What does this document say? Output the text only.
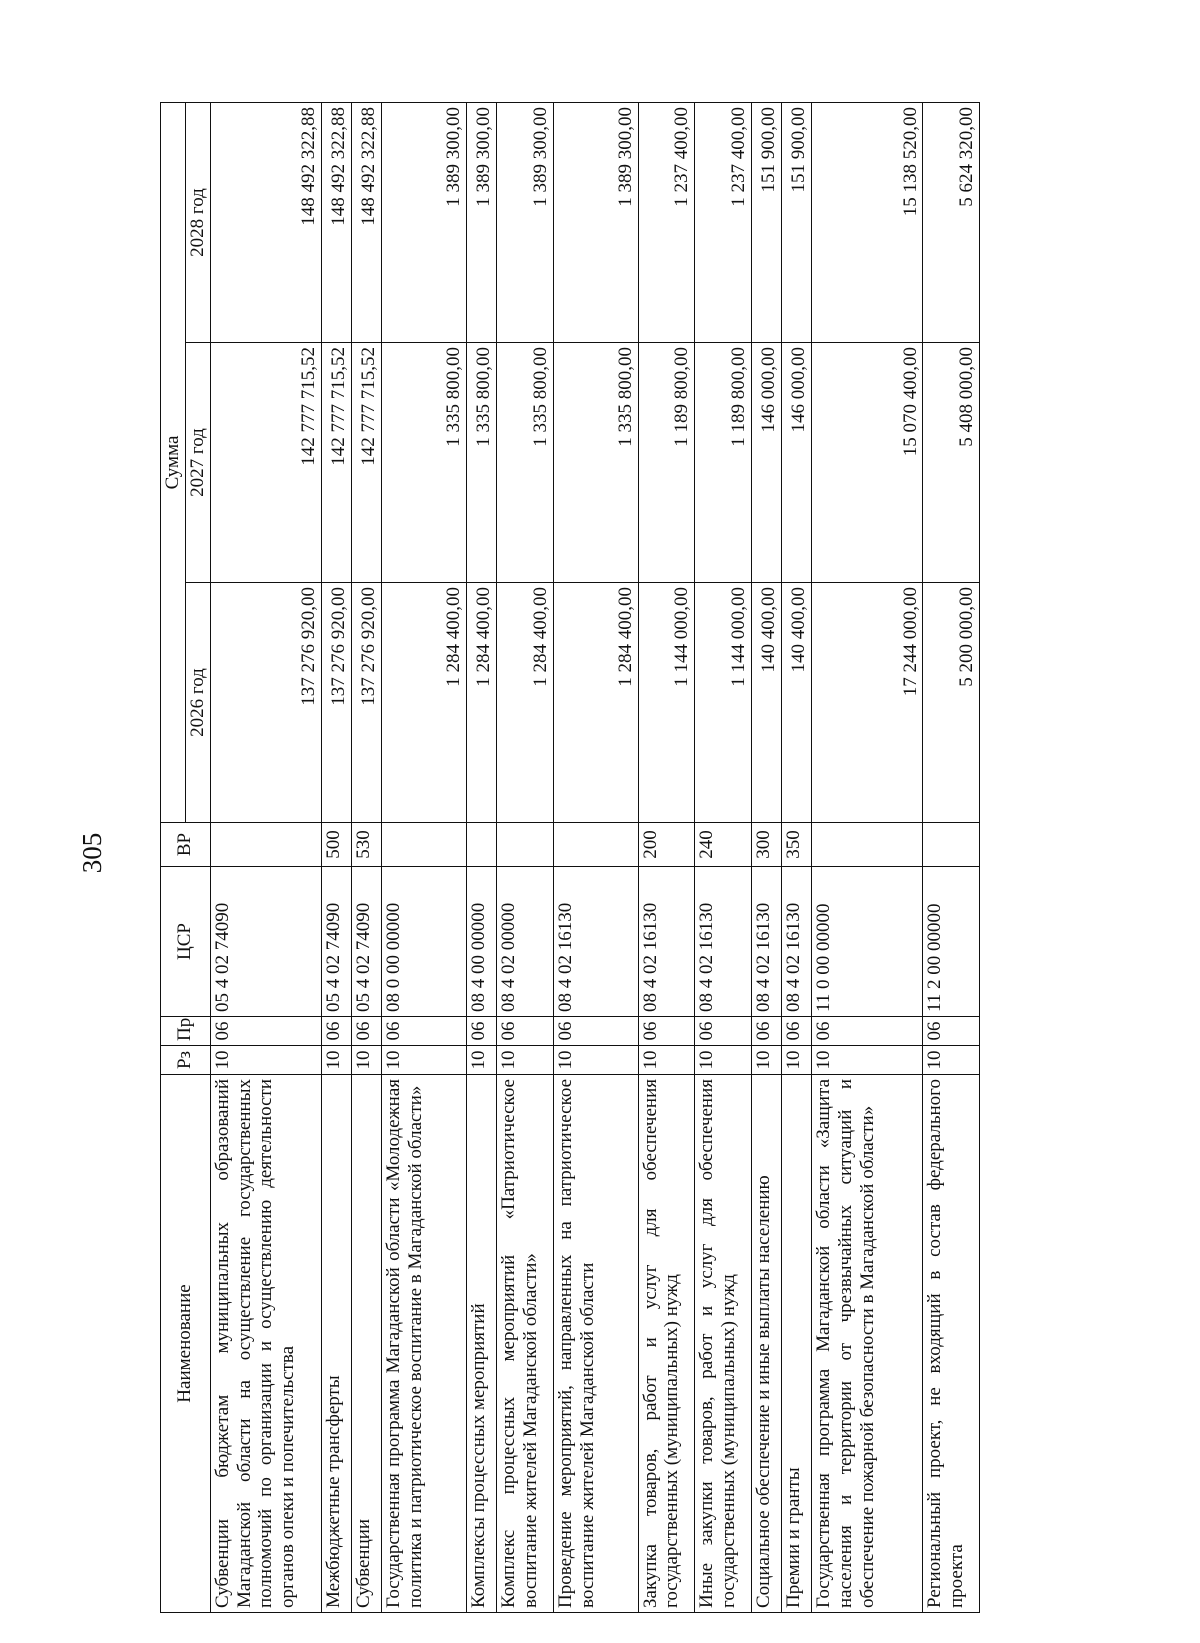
305
Наименование	Рз	Пр	ЦСР	ВР	Сумма		
					2026 год	2027 год	2028 год
Субвенции бюджетам муниципальных образований Магаданской области на осуществление государственных полномочий по организации и осуществлению деятельности органов опеки и попечительства	10	06	05 4 02 74090		137 276 920,00	142 777 715,52	148 492 322,88
Межбюджетные трансферты	10	06	05 4 02 74090	500	137 276 920,00	142 777 715,52	148 492 322,88
Субвенции	10	06	05 4 02 74090	530	137 276 920,00	142 777 715,52	148 492 322,88
Государственная программа Магаданской области «Молодежная политика и патриотическое воспитание в Магаданской области»	10	06	08 0 00 00000		1 284 400,00	1 335 800,00	1 389 300,00
Комплексы процессных мероприятий	10	06	08 4 00 00000		1 284 400,00	1 335 800,00	1 389 300,00
Комплекс процессных мероприятий «Патриотическое воспитание жителей Магаданской области»	10	06	08 4 02 00000		1 284 400,00	1 335 800,00	1 389 300,00
Проведение мероприятий, направленных на патриотическое воспитание жителей Магаданской области	10	06	08 4 02 16130		1 284 400,00	1 335 800,00	1 389 300,00
Закупка товаров, работ и услуг для обеспечения государственных (муниципальных) нужд	10	06	08 4 02 16130	200	1 144 000,00	1 189 800,00	1 237 400,00
Иные закупки товаров, работ и услуг для обеспечения государственных (муниципальных) нужд	10	06	08 4 02 16130	240	1 144 000,00	1 189 800,00	1 237 400,00
Социальное обеспечение и иные выплаты населению	10	06	08 4 02 16130	300	140 400,00	146 000,00	151 900,00
Премии и гранты	10	06	08 4 02 16130	350	140 400,00	146 000,00	151 900,00
Государственная программа Магаданской области «Защита населения и территории от чрезвычайных ситуаций и обеспечение пожарной безопасности в Магаданской области»	10	06	11 0 00 00000		17 244 000,00	15 070 400,00	15 138 520,00
Региональный проект, не входящий в состав федерального проекта	10	06	11 2 00 00000		5 200 000,00	5 408 000,00	5 624 320,00
